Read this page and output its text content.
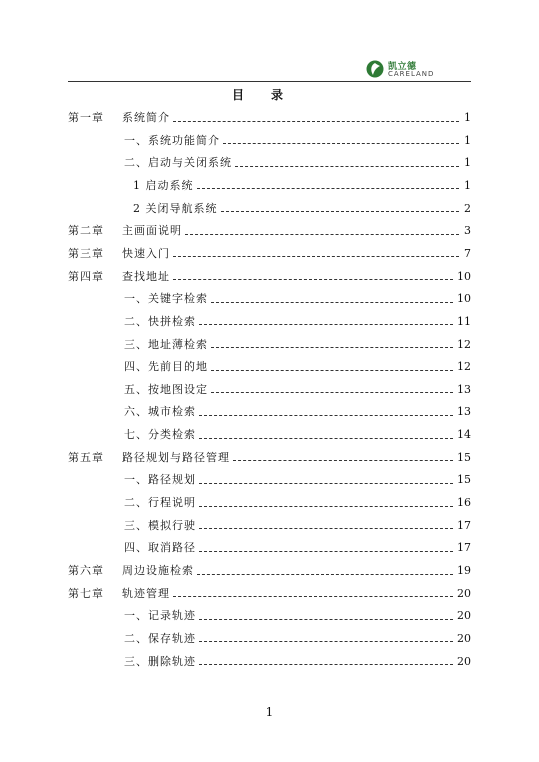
凯立德
CARELAND
目　　录
第一章	系统简介	1
一、系统功能简介	1
二、启动与关闭系统	1
1 启动系统	1
2 关闭导航系统	2
第二章	主画面说明	3
第三章	快速入门	7
第四章	查找地址	10
一、关键字检索	10
二、快拼检索	11
三、地址薄检索	12
四、先前目的地	12
五、按地图设定	13
六、城市检索	13
七、分类检索	14
第五章	路径规划与路径管理	15
一、路径规划	15
二、行程说明	16
三、模拟行驶	17
四、取消路径	17
第六章	周边设施检索	19
第七章	轨迹管理	20
一、记录轨迹	20
二、保存轨迹	20
三、删除轨迹	20
1
